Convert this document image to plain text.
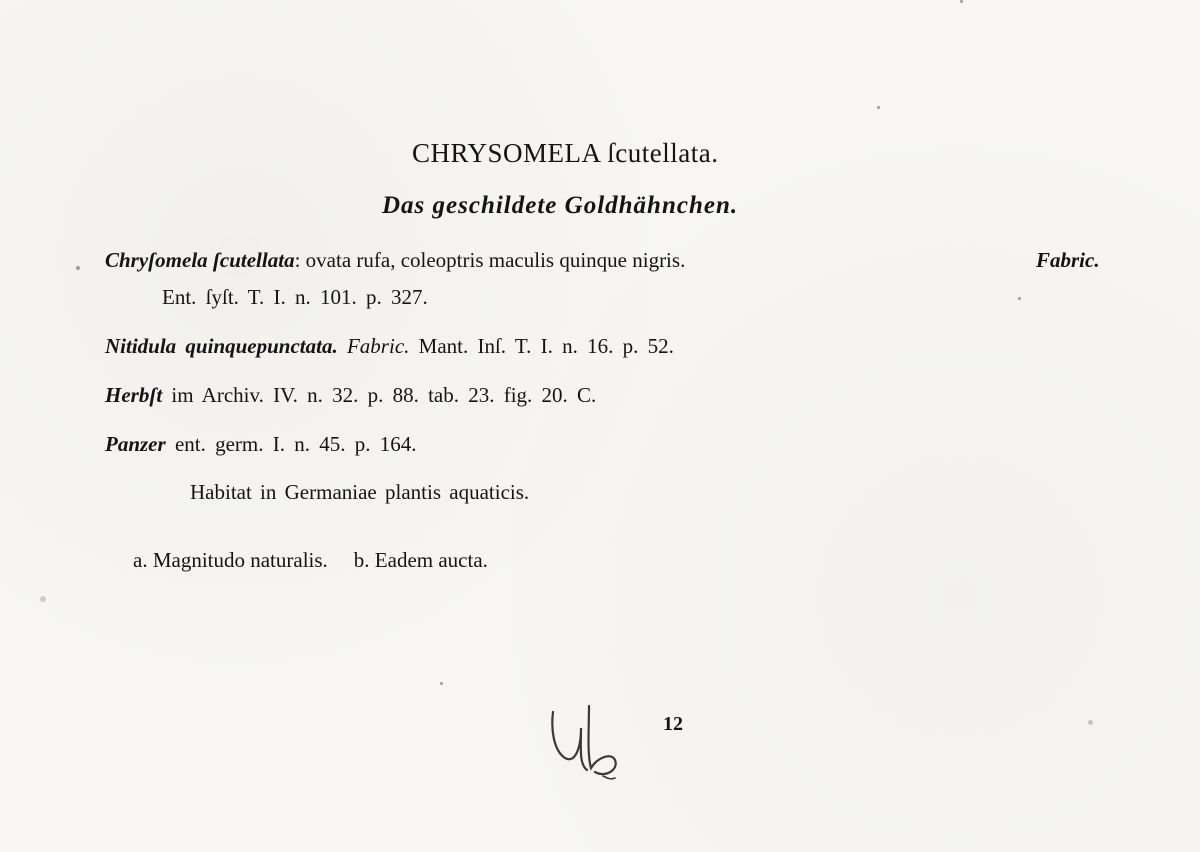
CHRYSOMELA ſcutellata.
Das geschildete Goldhähnchen.
Chryſomela ſcutellata: ovata rufa, coleoptris maculis quinque nigris.	Fabric.
Ent. ſyſt. T. I. n. 101. p. 327.
Nitidula quinquepunctata. Fabric. Mant. Inſ. T. I. n. 16. p. 52.
Herbſt im Archiv. IV. n. 32. p. 88. tab. 23. fig. 20. C.
Panzer ent. germ. I. n. 45. p. 164.
Habitat in Germaniae plantis aquaticis.
a. Magnitudo naturalis. b. Eadem aucta.
12
